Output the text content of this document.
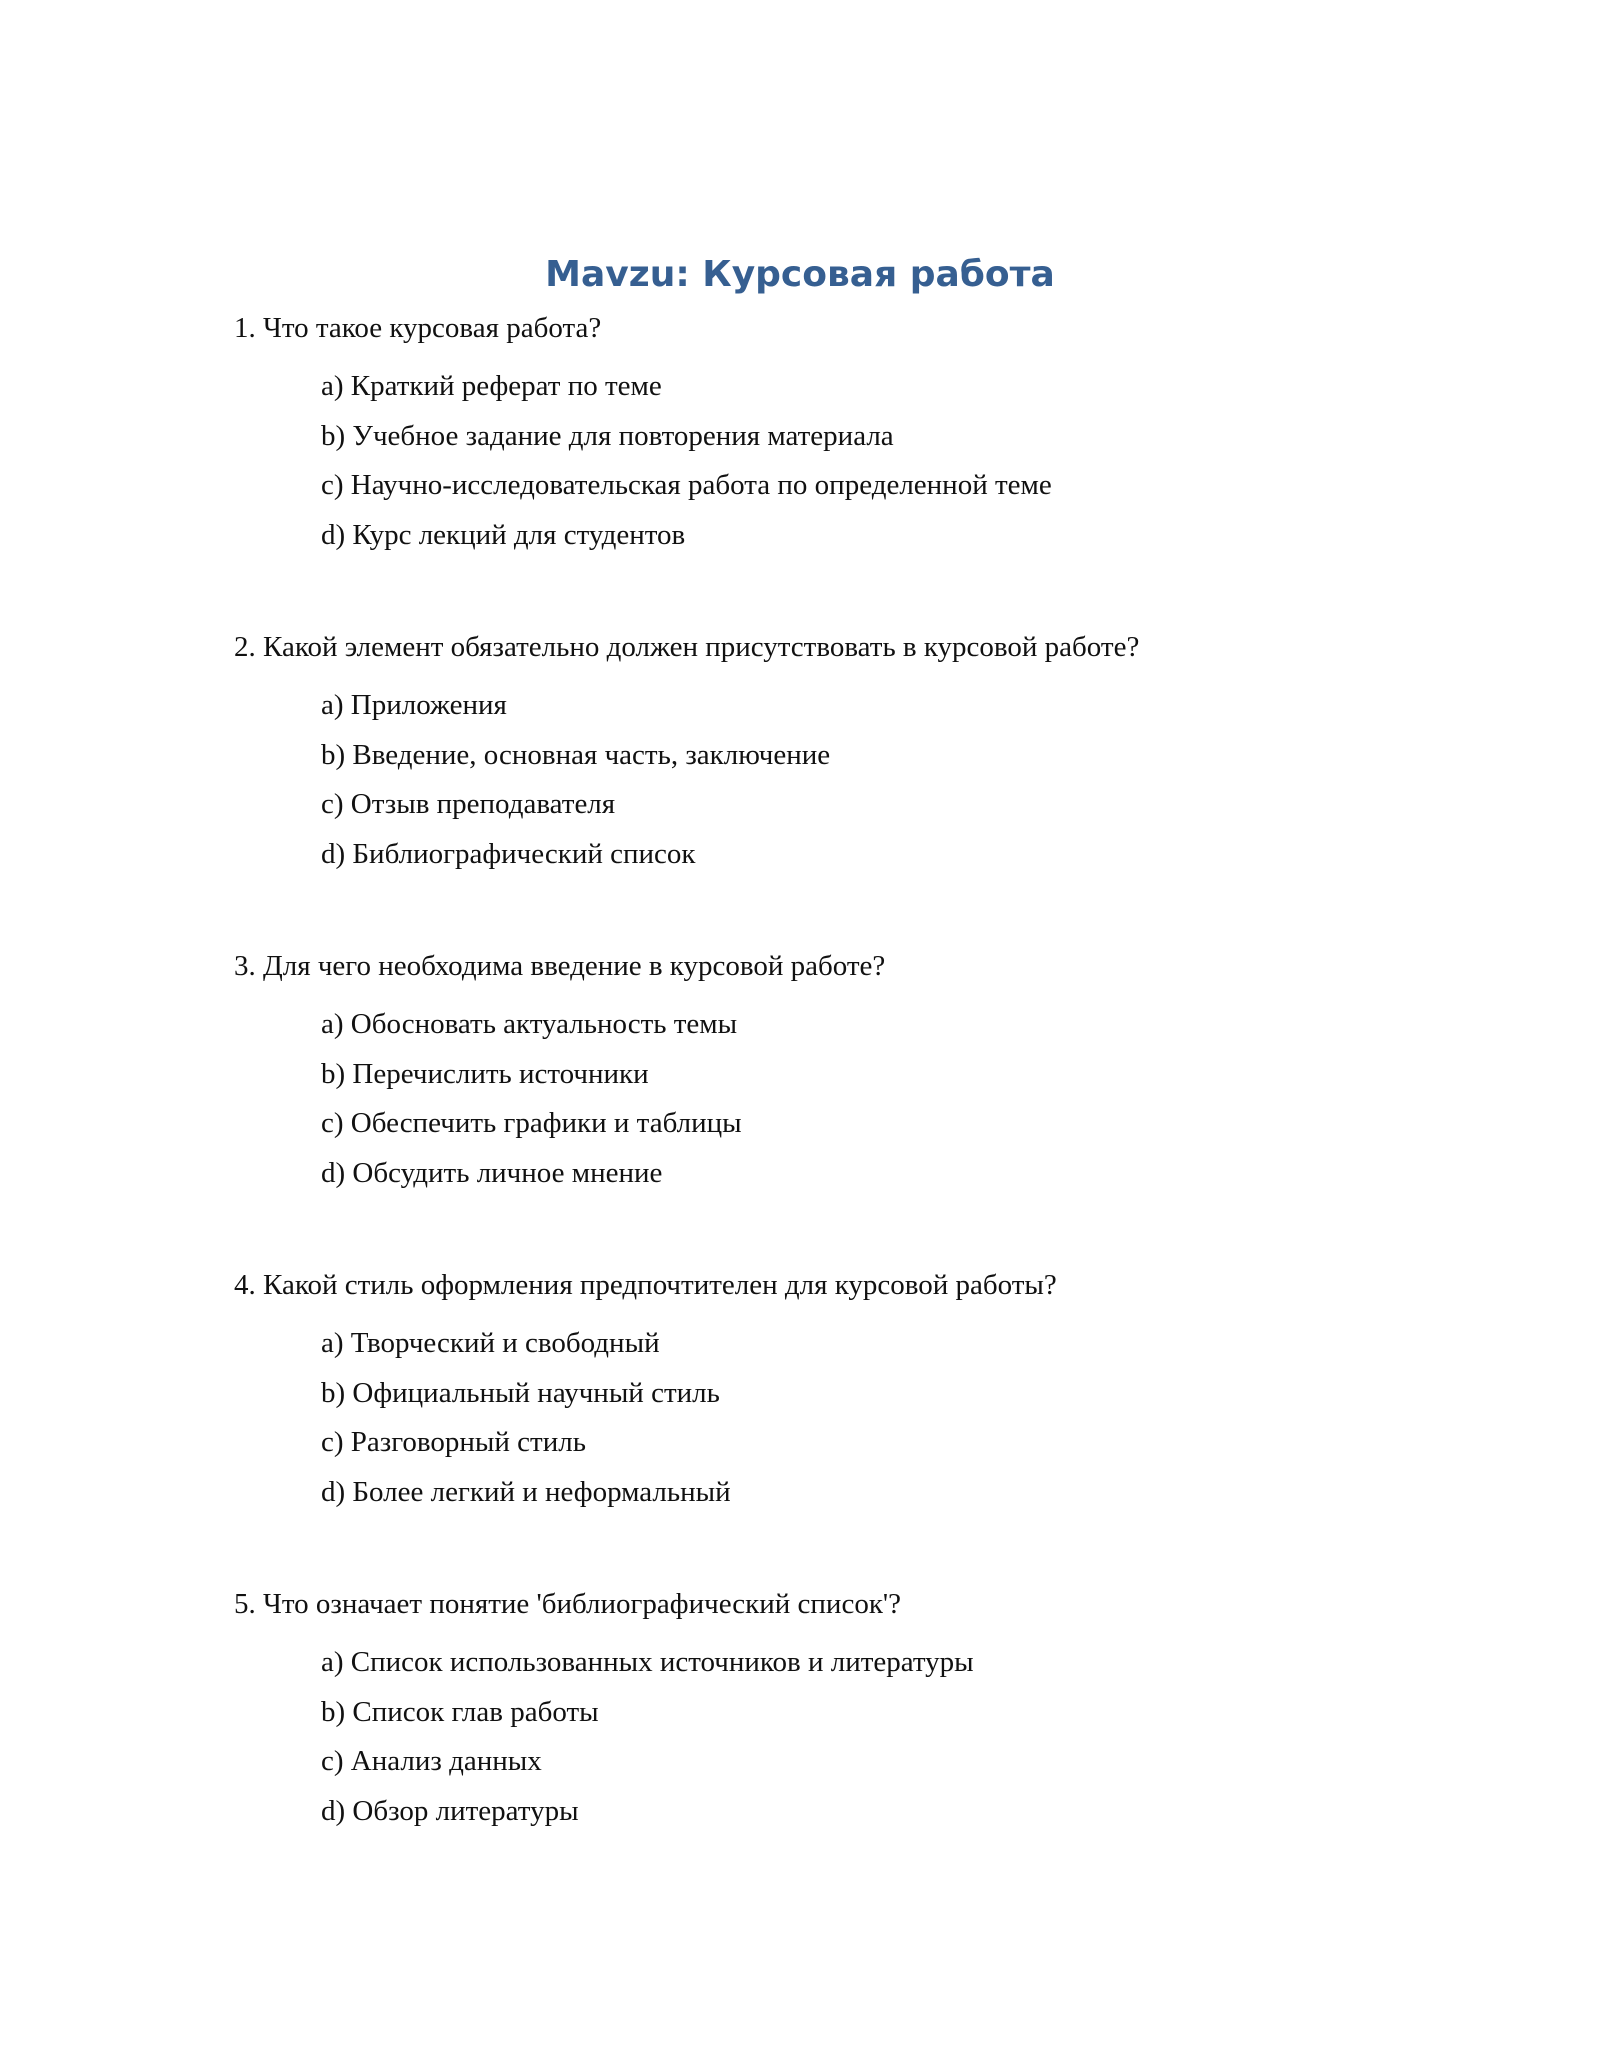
Mavzu: Курсовая работа

1. Что такое курсовая работа?

a) Краткий реферат по теме
b) Учебное задание для повторения материала
c) Научно-исследовательская работа по определенной теме
d) Курс лекций для студентов

2. Какой элемент обязательно должен присутствовать в курсовой работе?

a) Приложения
b) Введение, основная часть, заключение
c) Отзыв преподавателя
d) Библиографический список

3. Для чего необходима введение в курсовой работе?

a) Обосновать актуальность темы
b) Перечислить источники
c) Обеспечить графики и таблицы
d) Обсудить личное мнение

4. Какой стиль оформления предпочтителен для курсовой работы?

a) Творческий и свободный
b) Официальный научный стиль
c) Разговорный стиль
d) Более легкий и неформальный

5. Что означает понятие 'библиографический список'?

a) Список использованных источников и литературы
b) Список глав работы
c) Анализ данных
d) Обзор литературы
